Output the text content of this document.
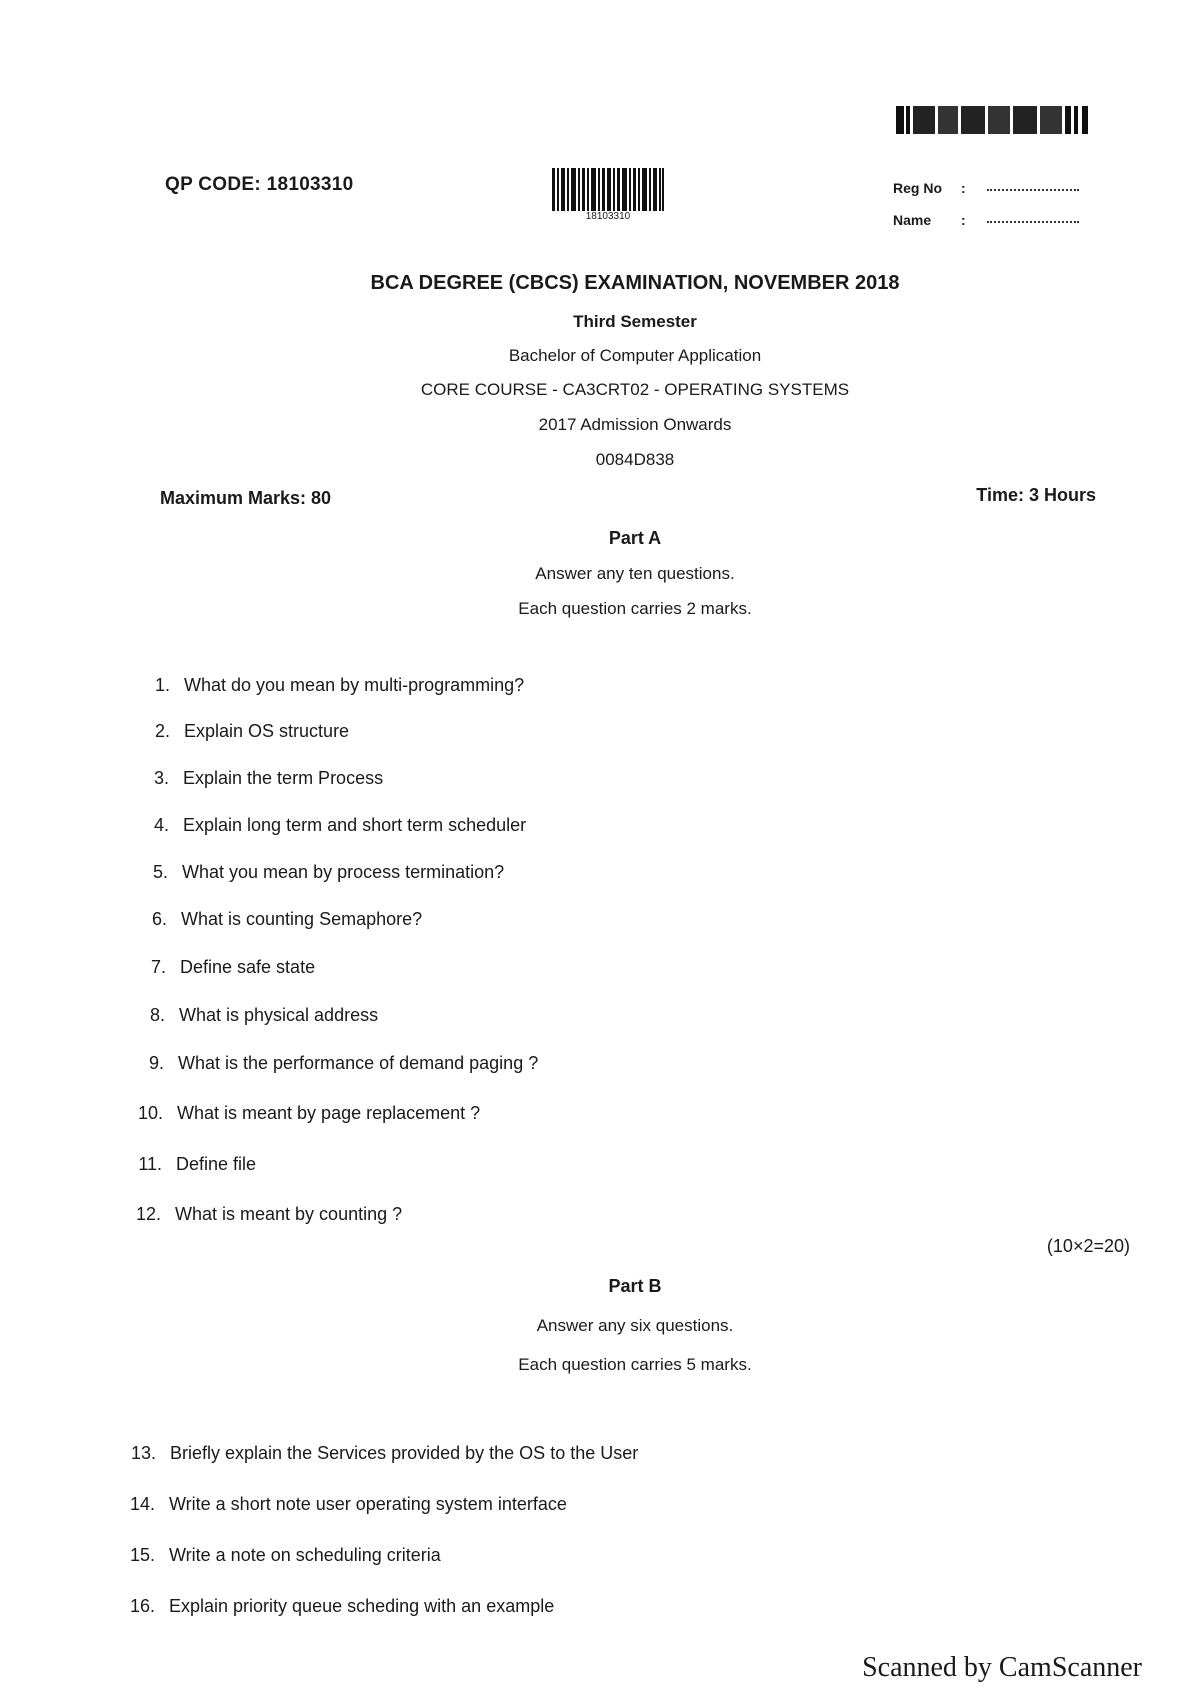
QP CODE: 18103310
18103310
Reg No	:
Name	:
BCA DEGREE (CBCS) EXAMINATION, NOVEMBER 2018
Third Semester
Bachelor of Computer Application
CORE COURSE - CA3CRT02 - OPERATING SYSTEMS
2017 Admission Onwards
0084D838
Maximum Marks: 80	Time: 3 Hours
Part A
Answer any ten questions.
Each question carries 2 marks.
1. What do you mean by multi-programming?
2. Explain OS structure
3. Explain the term Process
4. Explain long term and short term scheduler
5. What you mean by process termination?
6. What is counting Semaphore?
7. Define safe state
8. What is physical address
9. What is the performance of demand paging ?
10. What is meant by page replacement ?
11. Define file
12. What is meant by counting ?
(10×2=20)
Part B
Answer any six questions.
Each question carries 5 marks.
13. Briefly explain the Services provided by the OS to the User
14. Write a short note user operating system interface
15. Write a note on scheduling criteria
16. Explain priority queue scheding with an example
Scanned by CamScanner
